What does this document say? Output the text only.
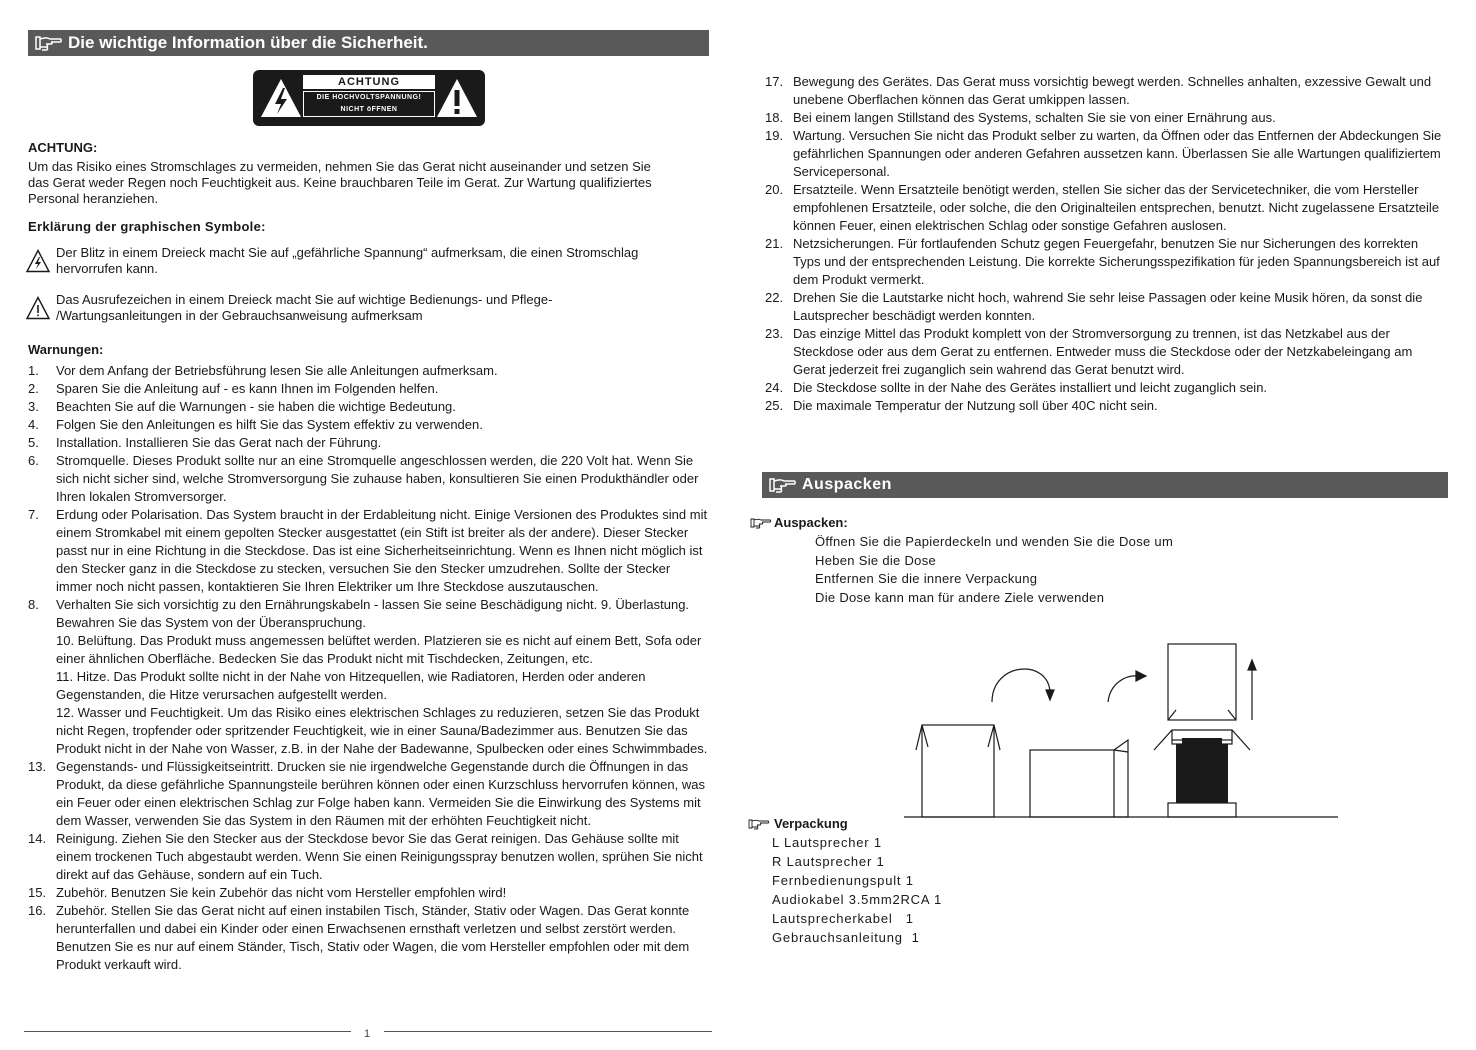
Die wichtige Information über die Sicherheit.
ACHTUNG
DIE HOCHVOLTSPANNUNG!
NICHT öFFNEN
ACHTUNG:
Um das Risiko eines Stromschlages zu vermeiden, nehmen Sie das Gerat nicht auseinander und setzen Sie das Gerat weder Regen noch Feuchtigkeit aus. Keine brauchbaren Teile im Gerat. Zur Wartung qualifiziertes Personal heranziehen.
Erklärung der graphischen Symbole:
Der Blitz in einem Dreieck macht Sie auf „gefährliche Spannung“ aufmerksam, die einen Stromschlag hervorrufen kann.
Das Ausrufezeichen in einem Dreieck macht Sie auf wichtige Bedienungs- und Pflege- /Wartungsanleitungen in der Gebrauchsanweisung aufmerksam
Warnungen:
1. Vor dem Anfang der Betriebsführung lesen Sie alle Anleitungen aufmerksam.
2. Sparen Sie die Anleitung auf - es kann Ihnen im Folgenden helfen.
3. Beachten Sie auf die Warnungen - sie haben die wichtige Bedeutung.
4. Folgen Sie den Anleitungen es hilft Sie das System effektiv zu verwenden.
5. Installation. Installieren Sie das Gerat nach der Führung.
6. Stromquelle. Dieses Produkt sollte nur an eine Stromquelle angeschlossen werden, die 220 Volt hat. Wenn Sie sich nicht sicher sind, welche Stromversorgung Sie zuhause haben, konsultieren Sie einen Produkthändler oder Ihren lokalen Stromversorger.
7. Erdung oder Polarisation. Das System braucht in der Erdableitung nicht. Einige Versionen des Produktes sind mit einem Stromkabel mit einem gepolten Stecker ausgestattet (ein Stift ist breiter als der andere). Dieser Stecker passt nur in eine Richtung in die Steckdose. Das ist eine Sicherheitseinrichtung. Wenn es Ihnen nicht möglich ist den Stecker ganz in die Steckdose zu stecken, versuchen Sie den Stecker umzudrehen. Sollte der Stecker immer noch nicht passen, kontaktieren Sie Ihren Elektriker um Ihre Steckdose auszutauschen.
8. Verhalten Sie sich vorsichtig zu den Ernährungskabeln - lassen Sie seine Beschädigung nicht. 9. Überlastung. Bewahren Sie das System von der Überanspruchung.
10. Belüftung. Das Produkt muss angemessen belüftet werden. Platzieren sie es nicht auf einem Bett, Sofa oder einer ähnlichen Oberfläche. Bedecken Sie das Produkt nicht mit Tischdecken, Zeitungen, etc.
11. Hitze. Das Produkt sollte nicht in der Nahe von Hitzequellen, wie Radiatoren, Herden oder anderen Gegenstanden, die Hitze verursachen aufgestellt werden.
12. Wasser und Feuchtigkeit. Um das Risiko eines elektrischen Schlages zu reduzieren, setzen Sie das Produkt nicht Regen, tropfender oder spritzender Feuchtigkeit, wie in einer Sauna/Badezimmer aus. Benutzen Sie das Produkt nicht in der Nahe von Wasser, z.B. in der Nahe der Badewanne, Spulbecken oder eines Schwimmbades.
13. Gegenstands- und Flüssigkeitseintritt. Drucken sie nie irgendwelche Gegenstande durch die Öffnungen in das Produkt, da diese gefährliche Spannungsteile berühren können oder einen Kurzschluss hervorrufen können, was ein Feuer oder einen elektrischen Schlag zur Folge haben kann. Vermeiden Sie die Einwirkung des Systems mit dem Wasser, verwenden Sie das System in den Räumen mit der erhöhten Feuchtigkeit nicht.
14. Reinigung. Ziehen Sie den Stecker aus der Steckdose bevor Sie das Gerat reinigen. Das Gehäuse sollte mit einem trockenen Tuch abgestaubt werden. Wenn Sie einen Reinigungsspray benutzen wollen, sprühen Sie nicht direkt auf das Gehäuse, sondern auf ein Tuch.
15. Zubehör. Benutzen Sie kein Zubehör das nicht vom Hersteller empfohlen wird!
16. Zubehör. Stellen Sie das Gerat nicht auf einen instabilen Tisch, Ständer, Stativ oder Wagen. Das Gerat konnte herunterfallen und dabei ein Kinder oder einen Erwachsenen ernsthaft verletzen und selbst zerstört werden. Benutzen Sie es nur auf einem Ständer, Tisch, Stativ oder Wagen, die vom Hersteller empfohlen oder mit dem Produkt verkauft wird.
1
17. Bewegung des Gerätes. Das Gerat muss vorsichtig bewegt werden. Schnelles anhalten, exzessive Gewalt und unebene Oberflachen können das Gerat umkippen lassen.
18. Bei einem langen Stillstand des Systems, schalten Sie sie von einer Ernährung aus.
19. Wartung. Versuchen Sie nicht das Produkt selber zu warten, da Öffnen oder das Entfernen der Abdeckungen Sie gefährlichen Spannungen oder anderen Gefahren aussetzen kann. Überlassen Sie alle Wartungen qualifiziertem Servicepersonal.
20. Ersatzteile. Wenn Ersatzteile benötigt werden, stellen Sie sicher das der Servicetechniker, die vom Hersteller empfohlenen Ersatzteile, oder solche, die den Originalteilen entsprechen, benutzt. Nicht zugelassene Ersatzteile können Feuer, einen elektrischen Schlag oder sonstige Gefahren auslosen.
21. Netzsicherungen. Für fortlaufenden Schutz gegen Feuergefahr, benutzen Sie nur Sicherungen des korrekten Typs und der entsprechenden Leistung. Die korrekte Sicherungsspezifikation für jeden Spannungsbereich ist auf dem Produkt vermerkt.
22. Drehen Sie die Lautstarke nicht hoch, wahrend Sie sehr leise Passagen oder keine Musik hören, da sonst die Lautsprecher beschädigt werden konnten.
23. Das einzige Mittel das Produkt komplett von der Stromversorgung zu trennen, ist das Netzkabel aus der Steckdose oder aus dem Gerat zu entfernen. Entweder muss die Steckdose oder der Netzkabeleingang am Gerat jederzeit frei zuganglich sein wahrend das Gerat benutzt wird.
24. Die Steckdose sollte in der Nahe des Gerätes installiert und leicht zuganglich sein.
25. Die maximale Temperatur der Nutzung soll über 40C nicht sein.
Auspacken
Auspacken:
Öffnen Sie die Papierdeckeln und wenden Sie die Dose um
Heben Sie die Dose
Entfernen Sie die innere Verpackung
Die Dose kann man für andere Ziele verwenden
Verpackung
L Lautsprecher 1
R Lautsprecher 1
Fernbedienungspult 1
Audiokabel 3.5mm2RCA 1
Lautsprecherkabel   1
Gebrauchsanleitung  1
